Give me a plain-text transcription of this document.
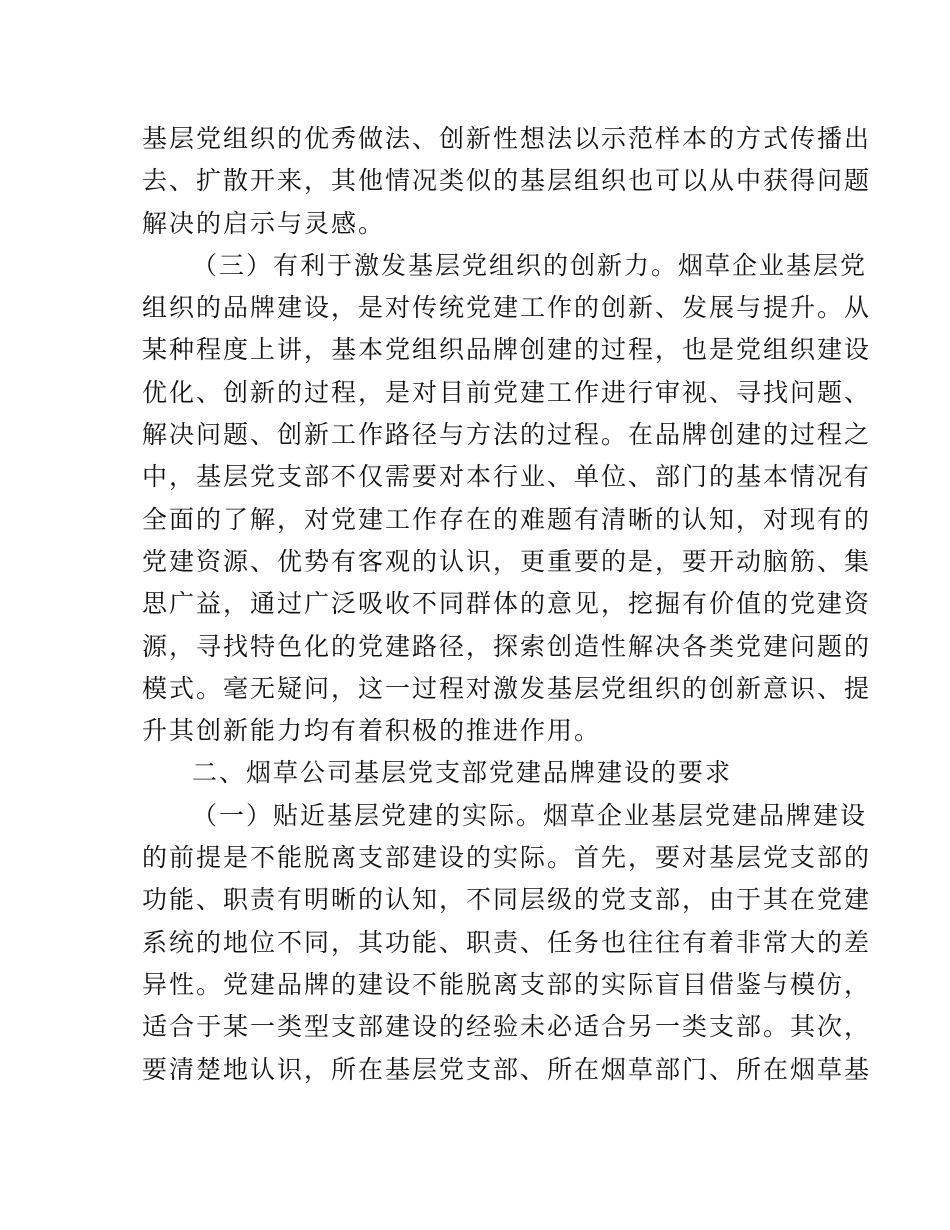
基层党组织的优秀做法、创新性想法以示范样本的方式传播出
去、扩散开来，其他情况类似的基层组织也可以从中获得问题
解决的启示与灵感。
（三）有利于激发基层党组织的创新力。烟草企业基层党
组织的品牌建设，是对传统党建工作的创新、发展与提升。从
某种程度上讲，基本党组织品牌创建的过程，也是党组织建设
优化、创新的过程，是对目前党建工作进行审视、寻找问题、
解决问题、创新工作路径与方法的过程。在品牌创建的过程之
中，基层党支部不仅需要对本行业、单位、部门的基本情况有
全面的了解，对党建工作存在的难题有清晰的认知，对现有的
党建资源、优势有客观的认识，更重要的是，要开动脑筋、集
思广益，通过广泛吸收不同群体的意见，挖掘有价值的党建资
源，寻找特色化的党建路径，探索创造性解决各类党建问题的
模式。毫无疑问，这一过程对激发基层党组织的创新意识、提
升其创新能力均有着积极的推进作用。
二、烟草公司基层党支部党建品牌建设的要求
（一）贴近基层党建的实际。烟草企业基层党建品牌建设
的前提是不能脱离支部建设的实际。首先，要对基层党支部的
功能、职责有明晰的认知，不同层级的党支部，由于其在党建
系统的地位不同，其功能、职责、任务也往往有着非常大的差
异性。党建品牌的建设不能脱离支部的实际盲目借鉴与模仿，
适合于某一类型支部建设的经验未必适合另一类支部。其次，
要清楚地认识，所在基层党支部、所在烟草部门、所在烟草基
